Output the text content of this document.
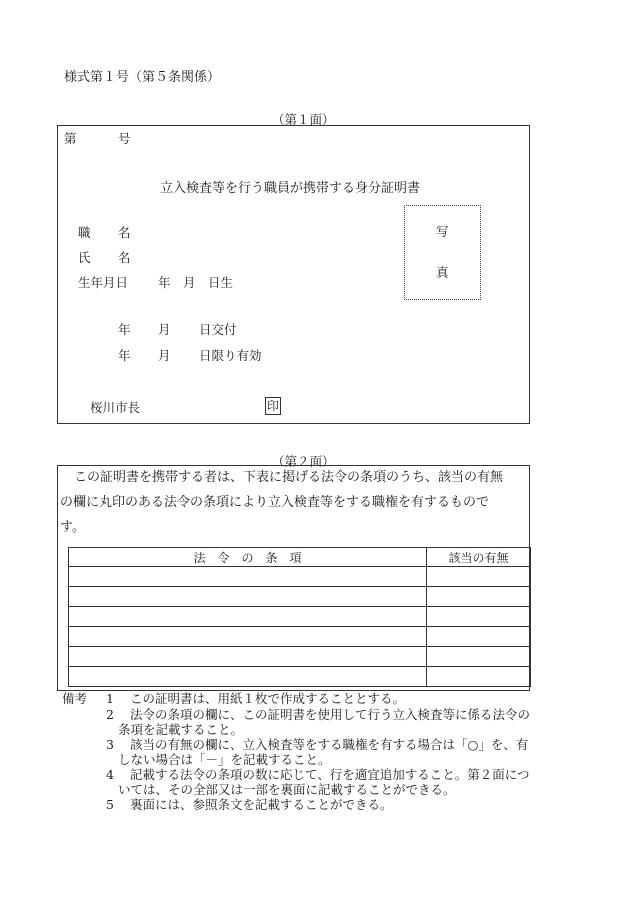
様式第１号（第５条関係）
（第１面）
第	号
立入検査等を行う職員が携帯する身分証明書
職 名
氏 名
生年月日 年　月　日生
写
真
年 月 日交付
年 月 日限り有効
桜川市長	印
（第２面）
この証明書を携帯する者は、下表に掲げる法令の条項のうち、該当の有無
の欄に丸印のある法令の条項により立入検査等をする職権を有するもので
す。
法　令　の　条　項	該当の有無

備考 1 この証明書は、用紙１枚で作成することとする。
2 法令の条項の欄に、この証明書を使用して行う立入検査等に係る法令の
条項を記載すること。
3 該当の有無の欄に、立入検査等をする職権を有する場合は「○」を、有
しない場合は「－」を記載すること。
4 記載する法令の条項の数に応じて、行を適宜追加すること。第２面につ
いては、その全部又は一部を裏面に記載することができる。
5 裏面には、参照条文を記載することができる。
